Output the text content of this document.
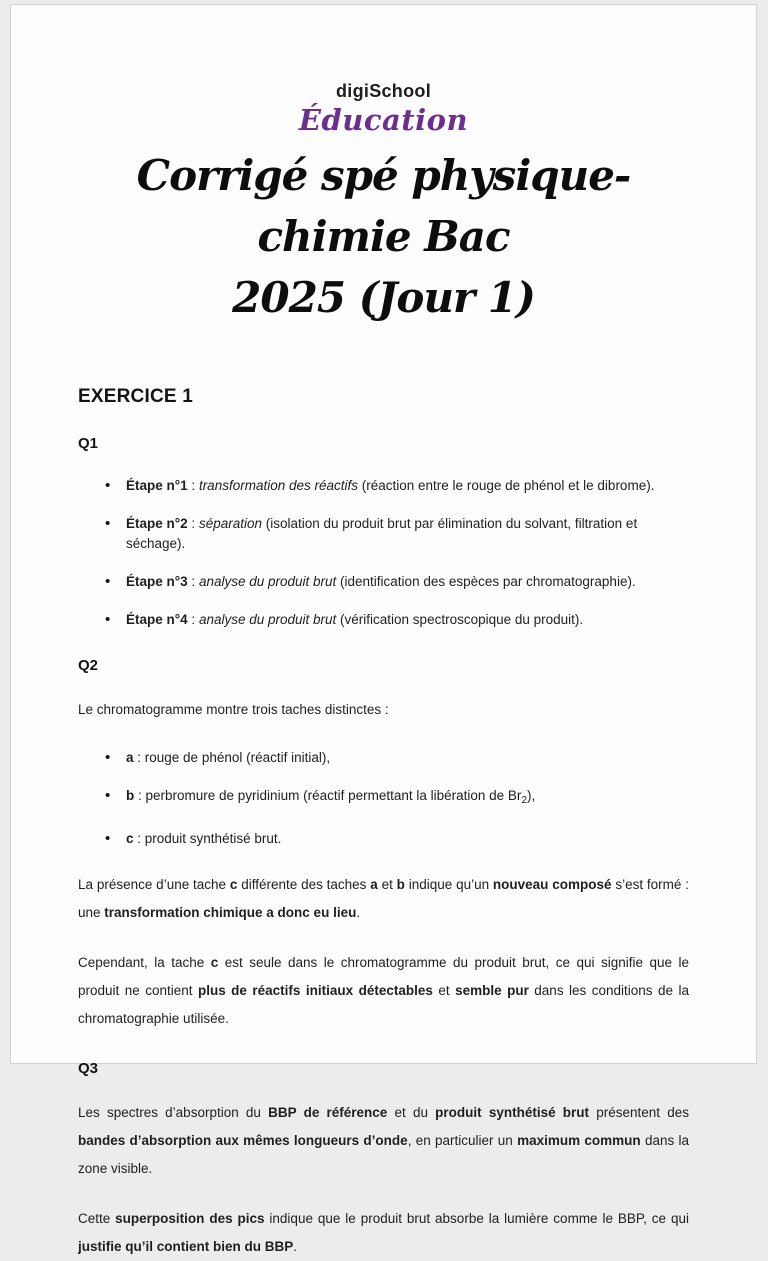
digiSchool
Éducation
Corrigé spé physique-chimie Bac
2025 (Jour 1)
EXERCICE 1
Q1
• Étape n°1 : transformation des réactifs (réaction entre le rouge de phénol et le dibrome).
• Étape n°2 : séparation (isolation du produit brut par élimination du solvant, filtration et séchage).
• Étape n°3 : analyse du produit brut (identification des espèces par chromatographie).
• Étape n°4 : analyse du produit brut (vérification spectroscopique du produit).
Q2

Le chromatogramme montre trois taches distinctes :

• a : rouge de phénol (réactif initial),
• b : perbromure de pyridinium (réactif permettant la libération de $Br_2$),
• c : produit synthétisé brut.

La présence d’une tache c différente des taches a et b indique qu’un nouveau composé s’est formé : une transformation chimique a donc eu lieu.

Cependant, la tache c est seule dans le chromatogramme du produit brut, ce qui signifie que le produit ne contient plus de réactifs initiaux détectables et semble pur dans les conditions de la chromatographie utilisée.

Q3

Les spectres d’absorption du BBP de référence et du produit synthétisé brut présentent des bandes d’absorption aux mêmes longueurs d’onde, en particulier un maximum commun dans la zone visible.

Cette superposition des pics indique que le produit brut absorbe la lumière comme le BBP, ce qui justifie qu’il contient bien du BBP.
